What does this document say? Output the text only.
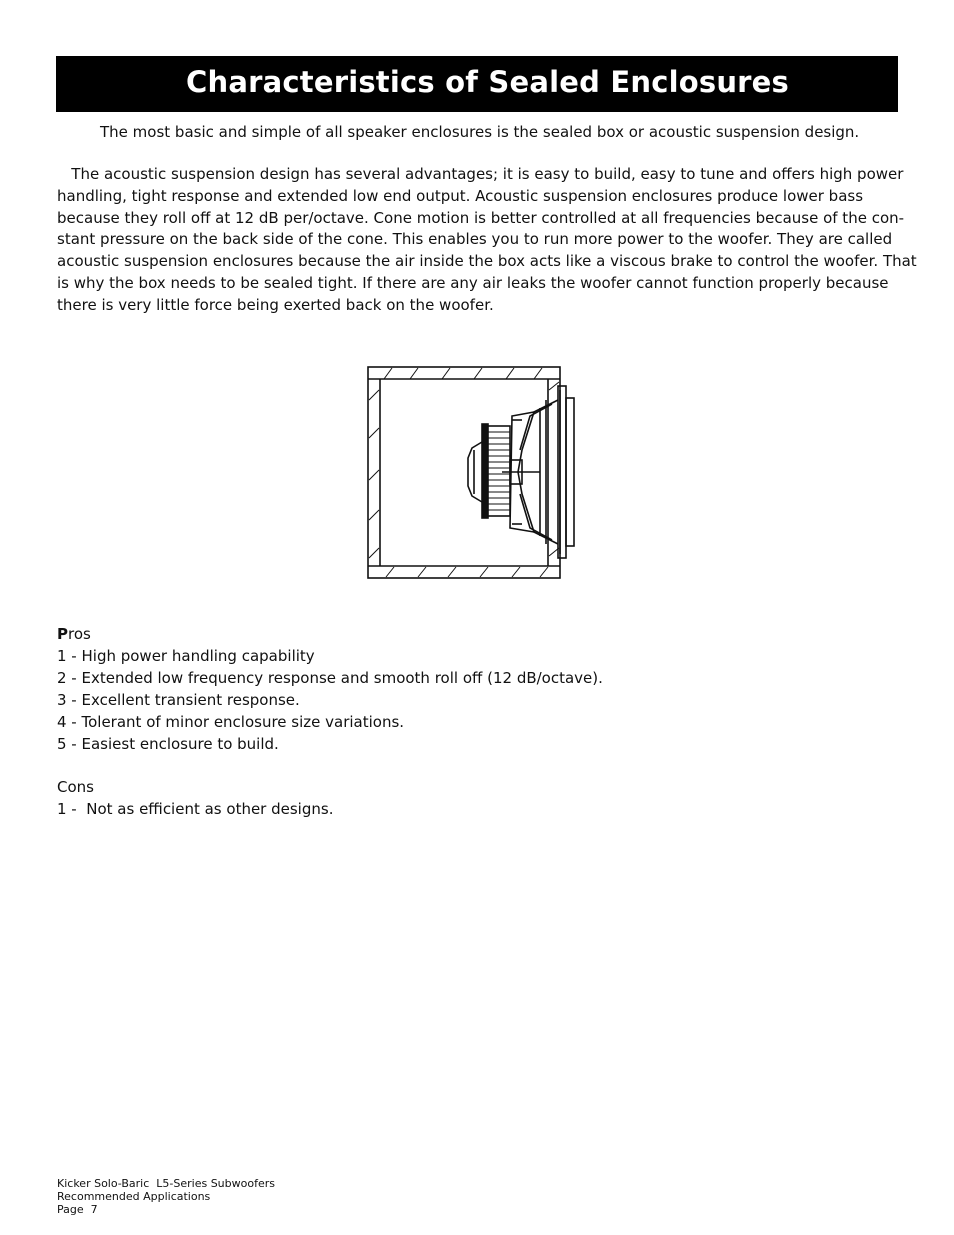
Characteristics of Sealed Enclosures

The most basic and simple of all speaker enclosures is the sealed box or acoustic suspension design.

The acoustic suspension design has several advantages; it is easy to build, easy to tune and offers high power
handling, tight response and extended low end output. Acoustic suspension enclosures produce lower bass
because they roll off at 12 dB per/octave. Cone motion is better controlled at all frequencies because of the con-
stant pressure on the back side of the cone. This enables you to run more power to the woofer. They are called
acoustic suspension enclosures because the air inside the box acts like a viscous brake to control the woofer. That
is why the box needs to be sealed tight. If there are any air leaks the woofer cannot function properly because
there is very little force being exerted back on the woofer.
Pros
1 - High power handling capability
2 - Extended low frequency response and smooth roll off (12 dB/octave).
3 - Excellent transient response.
4 - Tolerant of minor enclosure size variations.
5 - Easiest enclosure to build.
Cons
1 -  Not as efficient as other designs.
Kicker Solo-Baric  L5-Series Subwoofers
Recommended Applications
Page  7
